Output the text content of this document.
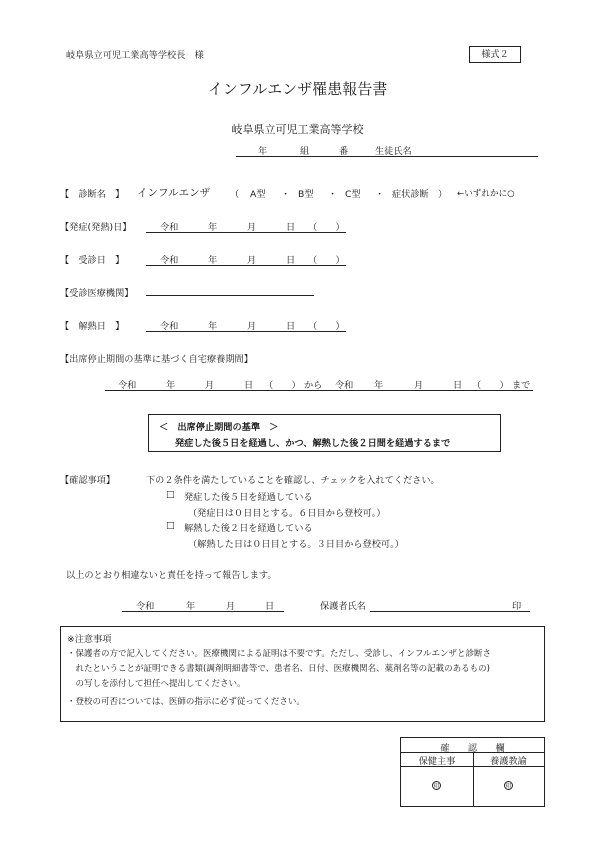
岐阜県立可児工業高等学校長　様	様式２
インフルエンザ罹患報告書
岐阜県立可児工業高等学校
年	組	番	生徒氏名
【　診断名　】 インフルエンザ （ A型 ・ B型 ・ C型 ・ 症状診断 ） ←いずれかに○
【発症(発熱)日】	令和	年	月	日 （　　）
【　受診日　】	令和	年	月	日 （　　）
【受診医療機関】
【　解熱日　】	令和	年	月	日 （　　）
【出席停止期間の基準に基づく自宅療養期間】
令和	年	月	日 （　　） から 令和 年	月	日 （　　） まで
＜　出席停止期間の基準　＞
発症した後５日を経過し、かつ、解熱した後２日間を経過するまで
【確認事項】	下の２条件を満たしていることを確認し、チェックを入れてください。
□ 発症した後５日を経過している
（発症日は０日目とする。６日目から登校可。）
□ 解熱した後２日を経過している
（解熱した日は０日目とする。３日目から登校可。）
以上のとおり相違ないと責任を持って報告します。
令和	年	月	日	保護者氏名	印
※注意事項
・保護者の方で記入してください。医療機関による証明は不要です。ただし、受診し、インフルエンザと診断さ
　れたということが証明できる書類(調剤明細書等で、患者名、日付、医療機関名、薬剤名等の記載のあるもの)
　の写しを添付して担任へ提出してください。
・登校の可否については、医師の指示に必ず従ってください。
確　　認　　欄
保健主事	養護教諭
印	印
